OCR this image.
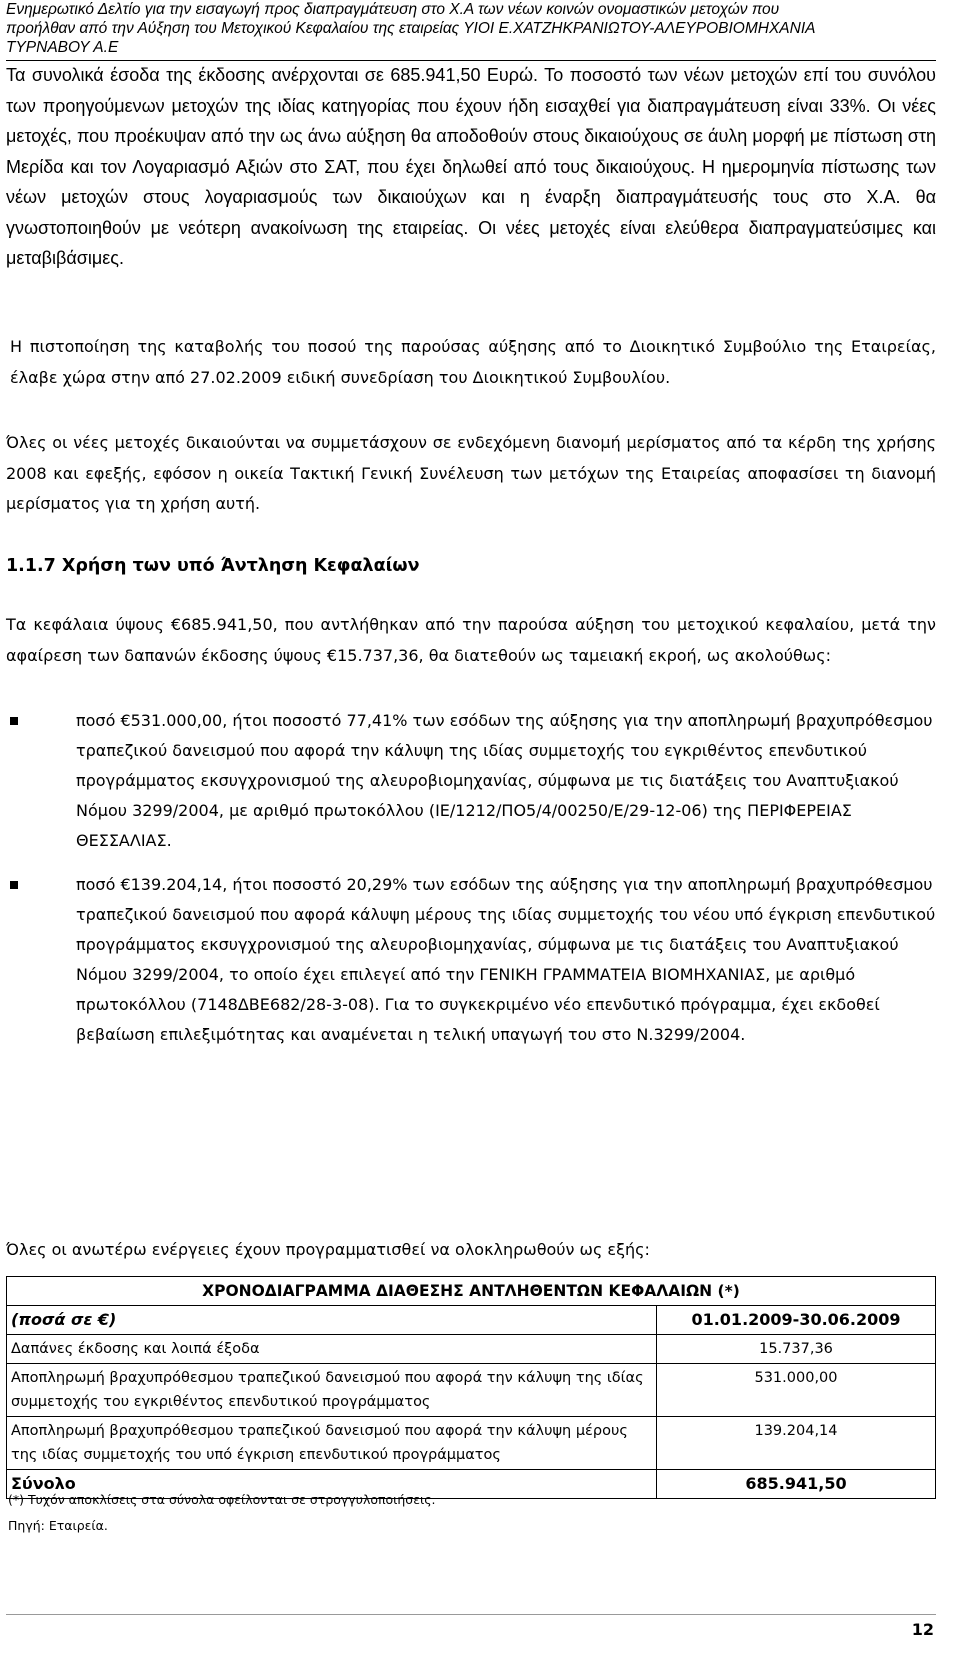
Ενημερωτικό Δελτίο για την εισαγωγή προς διαπραγμάτευση στο Χ.Α των νέων κοινών ονομαστικών μετοχών που
προήλθαν από την Αύξηση του Μετοχικού Κεφαλαίου της εταιρείας ΥΙΟΙ Ε.ΧΑΤΖΗΚΡΑΝΙΩΤΟΥ-ΑΛΕΥΡΟΒΙΟΜΗΧΑΝΙΑ
ΤΥΡΝΑΒΟΥ Α.Ε
Τα συνολικά έσοδα της έκδοσης ανέρχονται σε 685.941,50 Ευρώ. Το ποσοστό των νέων μετοχών επί του συνόλου των προηγούμενων μετοχών της ιδίας κατηγορίας που έχουν ήδη εισαχθεί για διαπραγμάτευση είναι 33%. Οι νέες μετοχές, που προέκυψαν από την ως άνω αύξηση θα αποδοθούν στους δικαιούχους σε άυλη μορφή με πίστωση στη Μερίδα και τον Λογαριασμό Αξιών στο ΣΑΤ, που έχει δηλωθεί από τους δικαιούχους. Η ημερομηνία πίστωσης των νέων μετοχών στους λογαριασμούς των δικαιούχων και η έναρξη διαπραγμάτευσής τους στο Χ.Α. θα γνωστοποιηθούν με νεότερη ανακοίνωση της εταιρείας. Οι νέες μετοχές είναι ελεύθερα διαπραγματεύσιμες και μεταβιβάσιμες.
Η πιστοποίηση της καταβολής του ποσού της παρούσας αύξησης από το Διοικητικό Συμβούλιο της Εταιρείας, έλαβε χώρα στην από 27.02.2009 ειδική συνεδρίαση του Διοικητικού Συμβουλίου.
Όλες οι νέες μετοχές δικαιούνται να συμμετάσχουν σε ενδεχόμενη διανομή μερίσματος από τα κέρδη της χρήσης 2008 και εφεξής, εφόσον η οικεία Τακτική Γενική Συνέλευση των μετόχων της Εταιρείας αποφασίσει τη διανομή μερίσματος για τη χρήση αυτή.
1.1.7 Χρήση των υπό Άντληση Κεφαλαίων
Τα κεφάλαια ύψους €685.941,50, που αντλήθηκαν από την παρούσα αύξηση του μετοχικού κεφαλαίου, μετά την αφαίρεση των δαπανών έκδοσης ύψους €15.737,36, θα διατεθούν ως ταμειακή εκροή, ως ακολούθως:
ποσό €531.000,00, ήτοι ποσοστό 77,41% των εσόδων της αύξησης για την αποπληρωμή βραχυπρόθεσμου τραπεζικού δανεισμού που αφορά την κάλυψη της ιδίας συμμετοχής του εγκριθέντος επενδυτικού προγράμματος εκσυγχρονισμού της αλευροβιομηχανίας, σύμφωνα με τις διατάξεις του Αναπτυξιακού Νόμου 3299/2004, με αριθμό πρωτοκόλλου (ΙΕ/1212/ΠΟ5/4/00250/Ε/29-12-06) της ΠΕΡΙΦΕΡΕΙΑΣ ΘΕΣΣΑΛΙΑΣ.
ποσό €139.204,14, ήτοι ποσοστό 20,29% των εσόδων της αύξησης για την αποπληρωμή βραχυπρόθεσμου τραπεζικού δανεισμού που αφορά κάλυψη μέρους της ιδίας συμμετοχής του νέου υπό έγκριση επενδυτικού προγράμματος εκσυγχρονισμού της αλευροβιομηχανίας, σύμφωνα με τις διατάξεις του Αναπτυξιακού Νόμου 3299/2004, το οποίο έχει επιλεγεί από την ΓΕΝΙΚΗ ΓΡΑΜΜΑΤΕΙΑ ΒΙΟΜΗΧΑΝΙΑΣ, με αριθμό πρωτοκόλλου (7148ΔΒΕ682/28-3-08). Για το συγκεκριμένο νέο επενδυτικό πρόγραμμα, έχει εκδοθεί βεβαίωση επιλεξιμότητας και αναμένεται η τελική υπαγωγή του στο Ν.3299/2004.
Όλες οι ανωτέρω ενέργειες έχουν προγραμματισθεί να ολοκληρωθούν ως εξής:
ΧΡΟΝΟΔΙΑΓΡΑΜΜΑ ΔΙΑΘΕΣΗΣ ΑΝΤΛΗΘΕΝΤΩΝ ΚΕΦΑΛΑΙΩΝ (*)	
(ποσά σε €)	01.01.2009-30.06.2009
Δαπάνες έκδοσης και λοιπά έξοδα	15.737,36
Αποπληρωμή βραχυπρόθεσμου τραπεζικού δανεισμού που αφορά την κάλυψη της ιδίας συμμετοχής του εγκριθέντος επενδυτικού προγράμματος	531.000,00
Αποπληρωμή βραχυπρόθεσμου τραπεζικού δανεισμού που αφορά την κάλυψη μέρους της ιδίας συμμετοχής του υπό έγκριση επενδυτικού προγράμματος	139.204,14
Σύνολο	685.941,50
(*) Τυχόν αποκλίσεις στα σύνολα οφείλονται σε στρογγυλοποιήσεις.
Πηγή: Εταιρεία.
12
